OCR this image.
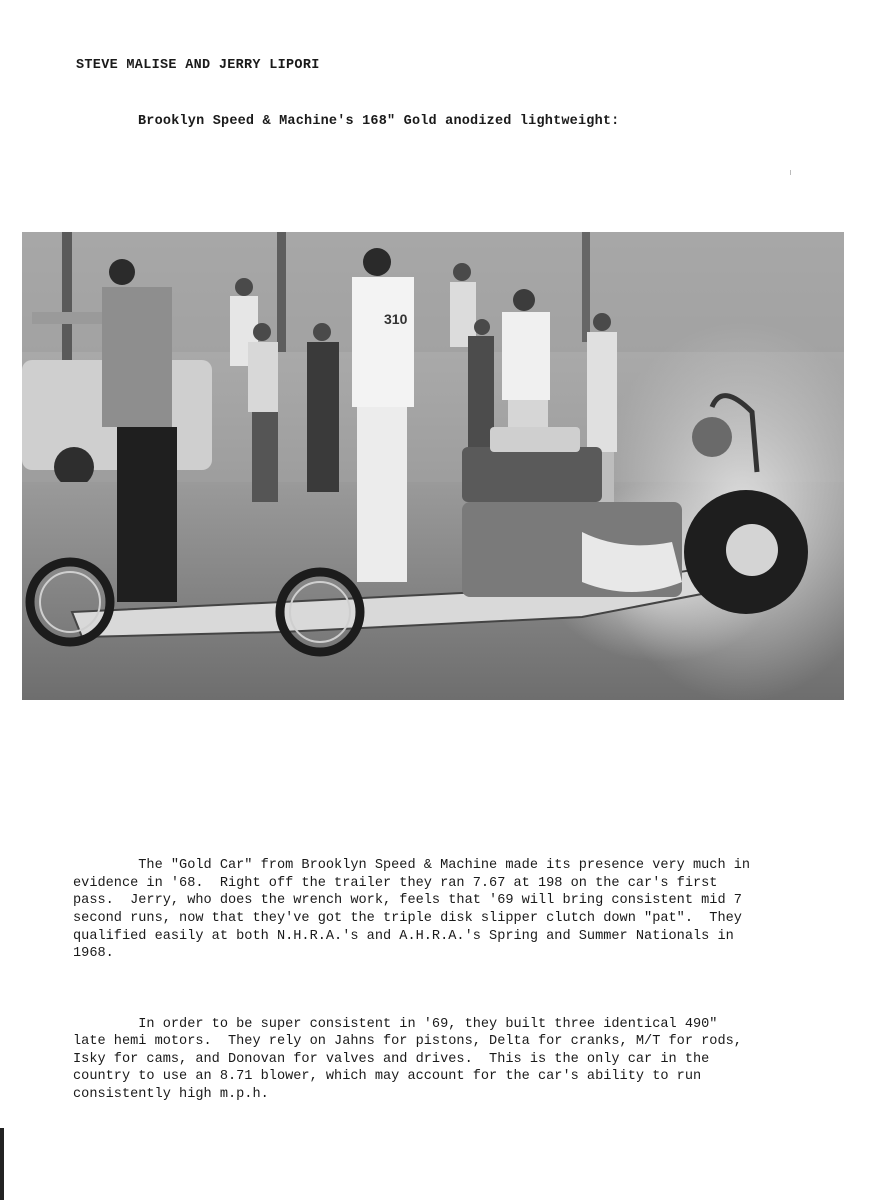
STEVE MALISE AND JERRY LIPORI
Brooklyn Speed & Machine's 168" Gold anodized lightweight:
310

The "Gold Car" from Brooklyn Speed & Machine made its presence very much in
evidence in '68.  Right off the trailer they ran 7.67 at 198 on the car's first
pass.  Jerry, who does the wrench work, feels that '69 will bring consistent mid 7
second runs, now that they've got the triple disk slipper clutch down "pat".  They
qualified easily at both N.H.R.A.'s and A.H.R.A.'s Spring and Summer Nationals in
1968.

In order to be super consistent in '69, they built three identical 490"
late hemi motors.  They rely on Jahns for pistons, Delta for cranks, M/T for rods,
Isky for cams, and Donovan for valves and drives.  This is the only car in the
country to use an 8.71 blower, which may account for the car's ability to run
consistently high m.p.h.
